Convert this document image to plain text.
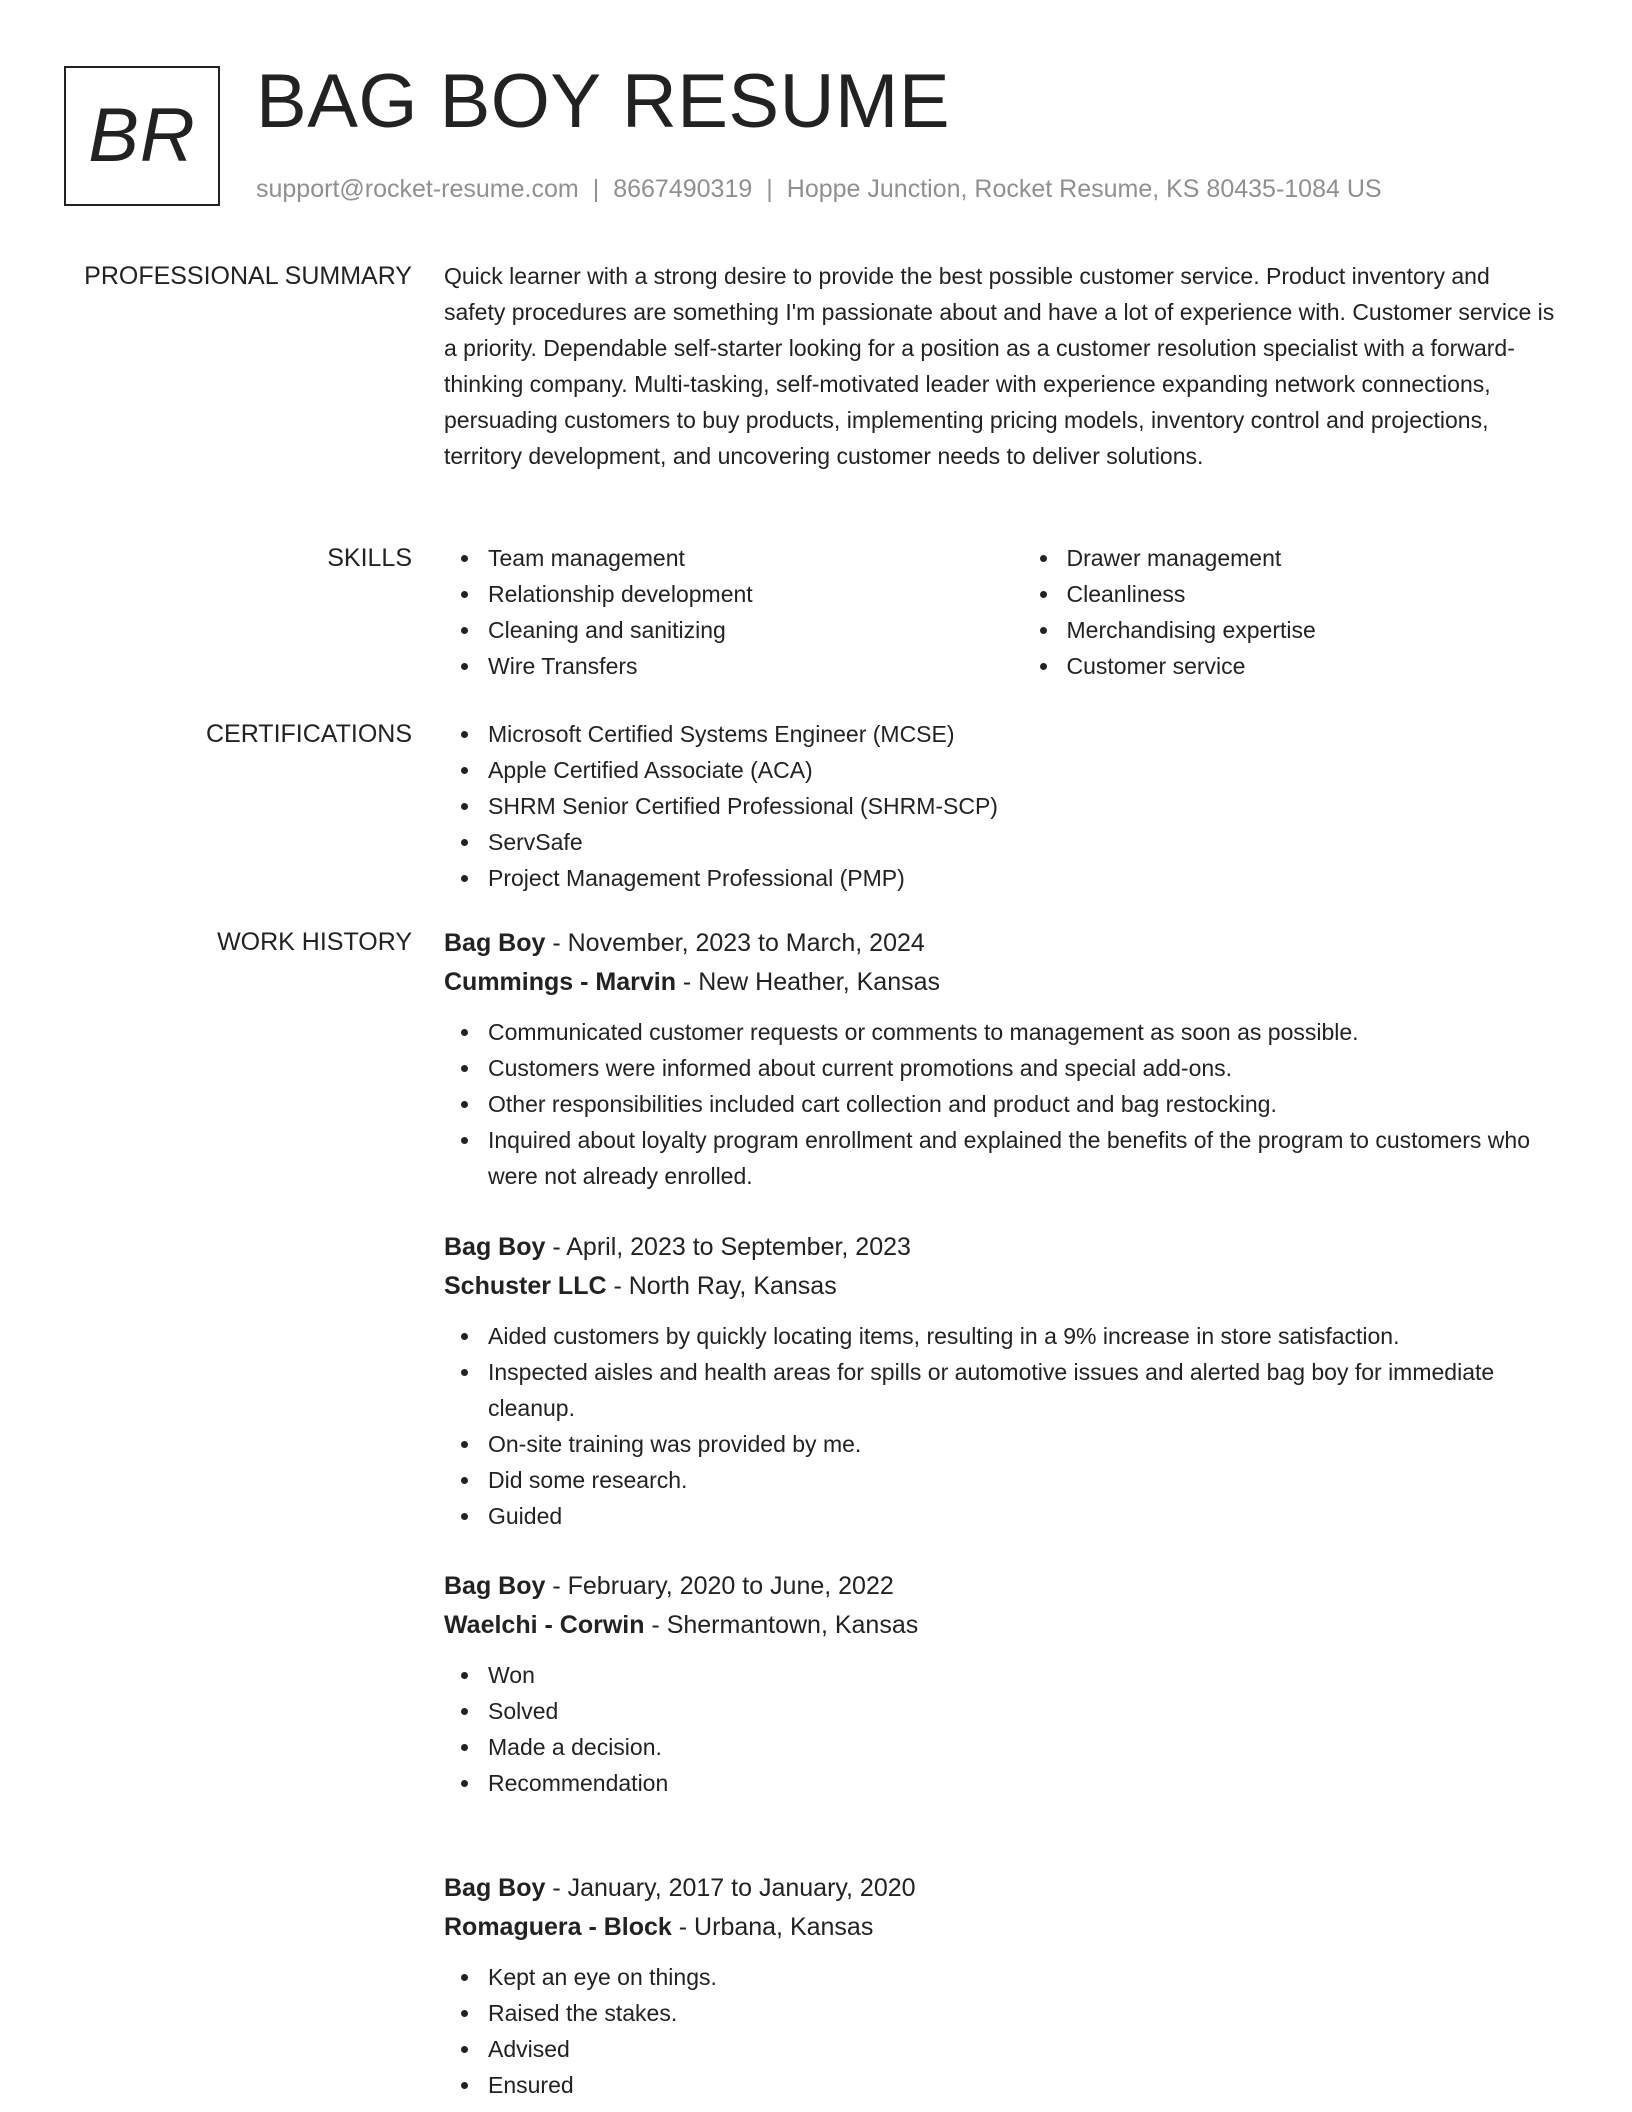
BR BAG BOY RESUME
support@rocket-resume.com | 8667490319 | Hoppe Junction, Rocket Resume, KS 80435-1084 US
PROFESSIONAL SUMMARY Quick learner with a strong desire to provide the best possible customer service. Product inventory and safety procedures are something I'm passionate about and have a lot of experience with. Customer service is a priority. Dependable self-starter looking for a position as a customer resolution specialist with a forward-thinking company. Multi-tasking, self-motivated leader with experience expanding network connections, persuading customers to buy products, implementing pricing models, inventory control and projections, territory development, and uncovering customer needs to deliver solutions.
SKILLS	Team management
Relationship development
Cleaning and sanitizing
Wire Transfers
Drawer management
Cleanliness
Merchandising expertise
Customer service
CERTIFICATIONS	Microsoft Certified Systems Engineer (MCSE)
Apple Certified Associate (ACA)
SHRM Senior Certified Professional (SHRM-SCP)
ServSafe
Project Management Professional (PMP)
WORK HISTORY Bag Boy - November, 2023 to March, 2024
Cummings - Marvin - New Heather, Kansas
Communicated customer requests or comments to management as soon as possible.
Customers were informed about current promotions and special add-ons.
Other responsibilities included cart collection and product and bag restocking.
Inquired about loyalty program enrollment and explained the benefits of the program to customers who were not already enrolled.
Bag Boy - April, 2023 to September, 2023
Schuster LLC - North Ray, Kansas
Aided customers by quickly locating items, resulting in a 9% increase in store satisfaction.
Inspected aisles and health areas for spills or automotive issues and alerted bag boy for immediate cleanup.
On-site training was provided by me.
Did some research.
Guided
Bag Boy - February, 2020 to June, 2022
Waelchi - Corwin - Shermantown, Kansas
Won
Solved
Made a decision.
Recommendation
Bag Boy - January, 2017 to January, 2020
Romaguera - Block - Urbana, Kansas
Kept an eye on things.
Raised the stakes.
Advised
Ensured
